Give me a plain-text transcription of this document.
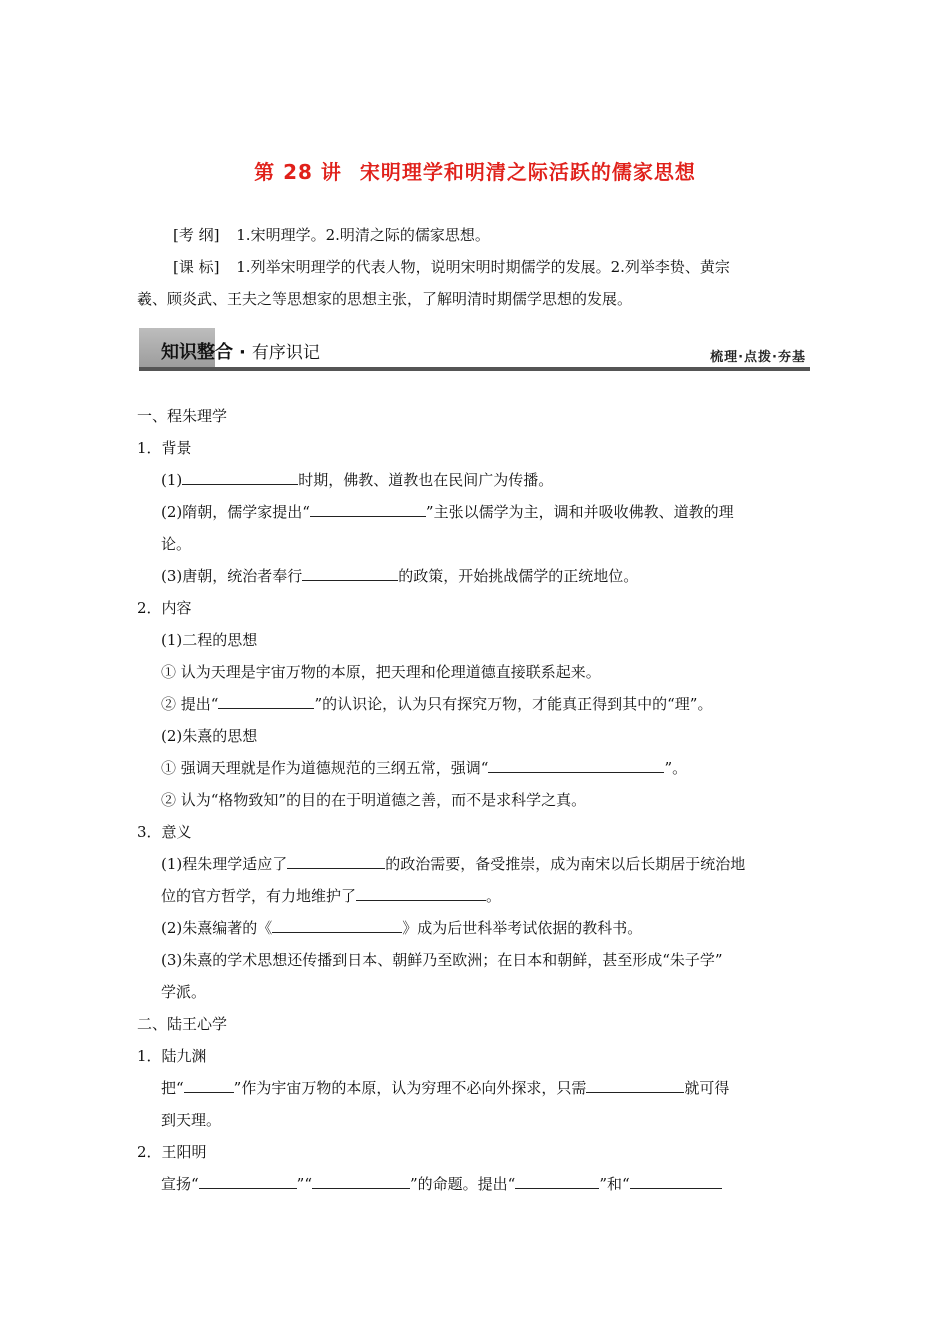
第 28 讲 宋明理学和明清之际活跃的儒家思想
[考 纲] 1.宋明理学。2.明清之际的儒家思想。
[课 标] 1.列举宋明理学的代表人物，说明宋明时期儒学的发展。2.列举李贽、黄宗
羲、顾炎武、王夫之等思想家的思想主张，了解明清时期儒学思想的发展。
知识整合 · 有序识记	梳理·点拨·夯基
一、程朱理学
1．背景
(1)	时期，佛教、道教也在民间广为传播。
(2)隋朝，儒学家提出“	”主张以儒学为主，调和并吸收佛教、道教的理
论。
(3)唐朝，统治者奉行	的政策，开始挑战儒学的正统地位。
2．内容
(1)二程的思想
① 认为天理是宇宙万物的本原，把天理和伦理道德直接联系起来。
② 提出“	”的认识论，认为只有探究万物，才能真正得到其中的“理”。
(2)朱熹的思想
① 强调天理就是作为道德规范的三纲五常，强调“	”。
② 认为“格物致知”的目的在于明道德之善，而不是求科学之真。
3．意义
(1)程朱理学适应了	的政治需要，备受推崇，成为南宋以后长期居于统治地
位的官方哲学，有力地维护了	。
(2)朱熹编著的《	》成为后世科举考试依据的教科书。
(3)朱熹的学术思想还传播到日本、朝鲜乃至欧洲；在日本和朝鲜，甚至形成“朱子学”
学派。
二、陆王心学
1．陆九渊
把“	”作为宇宙万物的本原，认为穷理不必向外探求，只需	就可得
到天理。
2．王阳明
宣扬“	”“	”的命题。提出“	”和“
